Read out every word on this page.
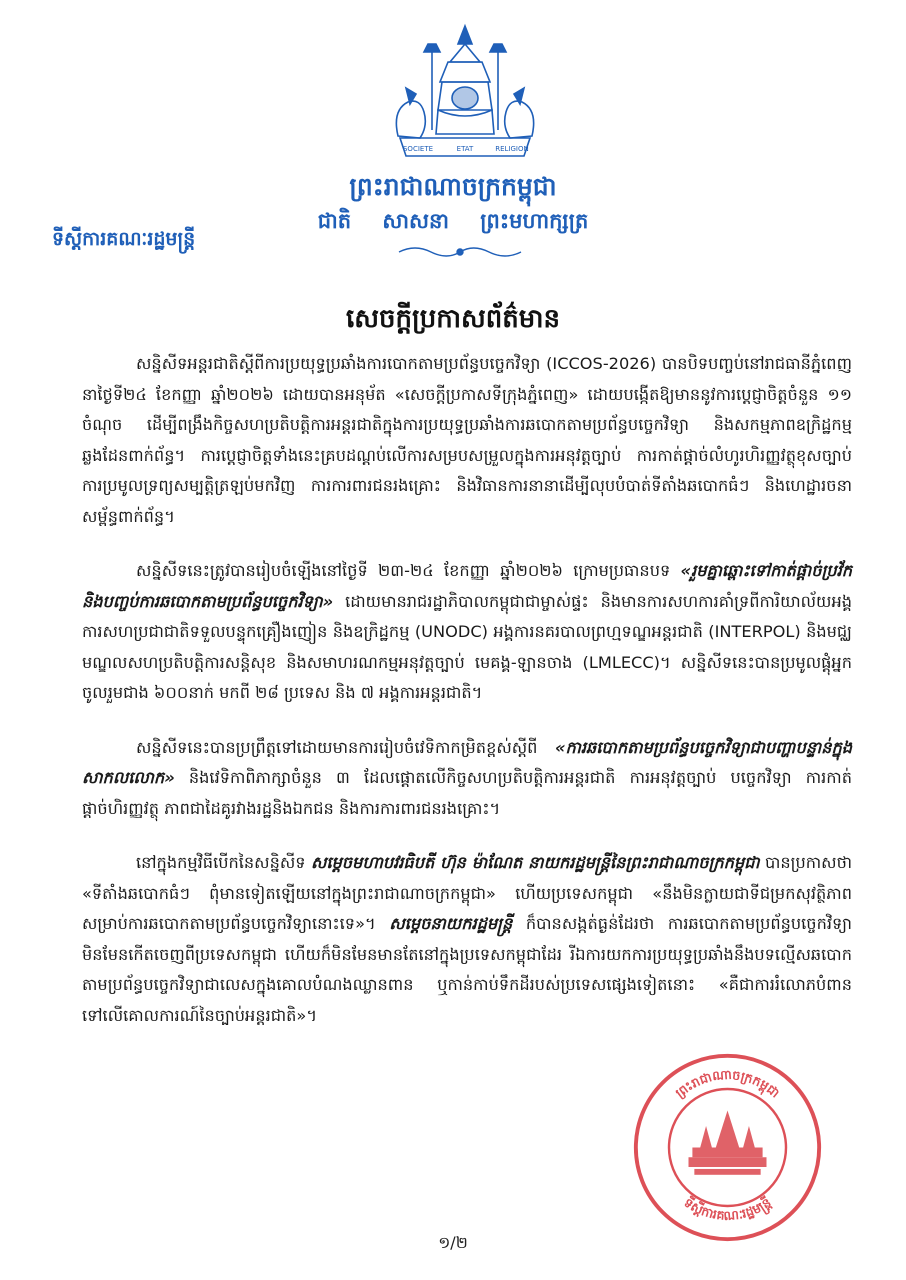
SOCIETE	ETAT	RELIGION
ព្រះរាជាណាចក្រកម្ពុជា
ជាតិ សាសនា ព្រះមហាក្សត្រ
ទីស្តីការគណៈរដ្ឋមន្ត្រី
សេចក្តីប្រកាសព័ត៌មាន

សន្និសីទអន្តរជាតិស្តីពីការប្រយុទ្ធប្រឆាំងការបោកតាមប្រព័ន្ធបច្ចេកវិទ្យា (ICCOS-2026) បានបិទបញ្ចប់នៅរាជធានីភ្នំពេញ នាថ្ងៃទី២៤ ខែកញ្ញា ឆ្នាំ២០២៦ ដោយបានអនុម័ត «សេចក្តីប្រកាសទីក្រុងភ្នំពេញ» ដោយបង្កើតឱ្យមាននូវការប្តេជ្ញាចិត្តចំនួន ១១ ចំណុច ដើម្បីពង្រឹងកិច្ចសហប្រតិបត្តិការអន្តរជាតិក្នុងការប្រយុទ្ធប្រឆាំងការឆបោកតាមប្រព័ន្ធបច្ចេកវិទ្យា និងសកម្មភាពឧក្រិដ្ឋកម្មឆ្លងដែនពាក់ព័ន្ធ។ ការប្តេជ្ញាចិត្តទាំងនេះគ្របដណ្តប់លើការសម្របសម្រួលក្នុងការអនុវត្តច្បាប់ ការកាត់ផ្តាច់លំហូរហិរញ្ញវត្ថុខុសច្បាប់ ការប្រមូលទ្រព្យសម្បត្តិត្រឡប់មកវិញ ការការពារជនរងគ្រោះ និងវិធានការនានាដើម្បីលុបបំបាត់ទីតាំងឆបោកធំៗ និងហេដ្ឋារចនាសម្ព័ន្ធពាក់ព័ន្ធ។

សន្និសីទនេះត្រូវបានរៀបចំឡើងនៅថ្ងៃទី ២៣-២៤ ខែកញ្ញា ឆ្នាំ២០២៦ ក្រោមប្រធានបទ «រួមគ្នាឆ្ពោះទៅកាត់ផ្តាច់ប្រវ័ក និងបញ្ចប់ការឆបោកតាមប្រព័ន្ធបច្ចេកវិទ្យា» ដោយមានរាជរដ្ឋាភិបាលកម្ពុជាជាម្ចាស់ផ្ទះ និងមានការសហការគាំទ្រពីការិយាល័យអង្គការសហប្រជាជាតិទទួលបន្ទុកគ្រឿងញៀន និងឧក្រិដ្ឋកម្ម (UNODC) អង្គការនគរបាលព្រហ្មទណ្ឌអន្តរជាតិ (INTERPOL) និងមជ្ឈមណ្ឌលសហប្រតិបត្តិការសន្តិសុខ និងសមាហរណកម្មអនុវត្តច្បាប់ មេគង្គ-ឡានចាង (LMLECC)។ សន្និសីទនេះបានប្រមូលផ្តុំអ្នកចូលរួមជាង ៦០០នាក់ មកពី ២៨ ប្រទេស និង ៧ អង្គការអន្តរជាតិ។

សន្និសីទនេះបានប្រព្រឹត្តទៅដោយមានការរៀបចំវេទិកាកម្រិតខ្ពស់ស្តីពី «ការឆបោកតាមប្រព័ន្ធបច្ចេកវិទ្យាជាបញ្ហាបន្ទាន់ក្នុងសាកលលោក» និងវេទិកាពិភាក្សាចំនួន ៣ ដែលផ្តោតលើកិច្ចសហប្រតិបត្តិការអន្តរជាតិ ការអនុវត្តច្បាប់ បច្ចេកវិទ្យា ការកាត់ផ្តាច់ហិរញ្ញវត្ថុ ភាពជាដៃគូរវាងរដ្ឋនិងឯកជន និងការការពារជនរងគ្រោះ។

នៅក្នុងកម្មវិធីបើកនៃសន្និសីទ សម្តេចមហាបវរធិបតី ហ៊ុន ម៉ាណែត នាយករដ្ឋមន្ត្រីនៃព្រះរាជាណាចក្រកម្ពុជា បានប្រកាសថា «ទីតាំងឆបោកធំៗ ពុំមានទៀតឡើយនៅក្នុងព្រះរាជាណាចក្រកម្ពុជា» ហើយប្រទេសកម្ពុជា «នឹងមិនក្លាយជាទីជម្រកសុវត្ថិភាពសម្រាប់ការឆបោកតាមប្រព័ន្ធបច្ចេកវិទ្យានោះទេ»។ សម្តេចនាយករដ្ឋមន្ត្រី ក៏បានសង្កត់ធ្ងន់ដែរថា ការឆបោកតាមប្រព័ន្ធបច្ចេកវិទ្យាមិនមែនកើតចេញពីប្រទេសកម្ពុជា ហើយក៏មិនមែនមានតែនៅក្នុងប្រទេសកម្ពុជាដែរ រីឯការយកការប្រយុទ្ធប្រឆាំងនឹងបទល្មើសឆបោកតាមប្រព័ន្ធបច្ចេកវិទ្យាជាលេសក្នុងគោលបំណងឈ្លានពាន ឬកាន់កាប់ទឹកដីរបស់ប្រទេសផ្សេងទៀតនោះ «គឺជាការរំលោភបំពានទៅលើគោលការណ៍នៃច្បាប់អន្តរជាតិ»។

ព្រះរាជាណាចក្រកម្ពុជា
ទីស្តីការគណៈរដ្ឋមន្ត្រី
១/២
